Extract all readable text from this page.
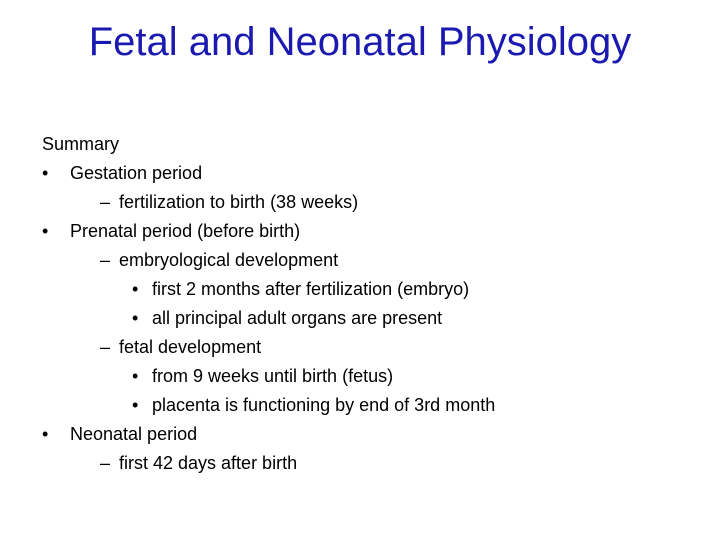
Fetal and Neonatal Physiology
Summary
• Gestation period
– fertilization to birth (38 weeks)
• Prenatal period (before birth)
– embryological development
• first 2 months after fertilization (embryo)
• all principal adult organs are present
– fetal development
• from 9 weeks until birth (fetus)
• placenta is functioning by end of 3rd month
• Neonatal period
– first 42 days after birth
